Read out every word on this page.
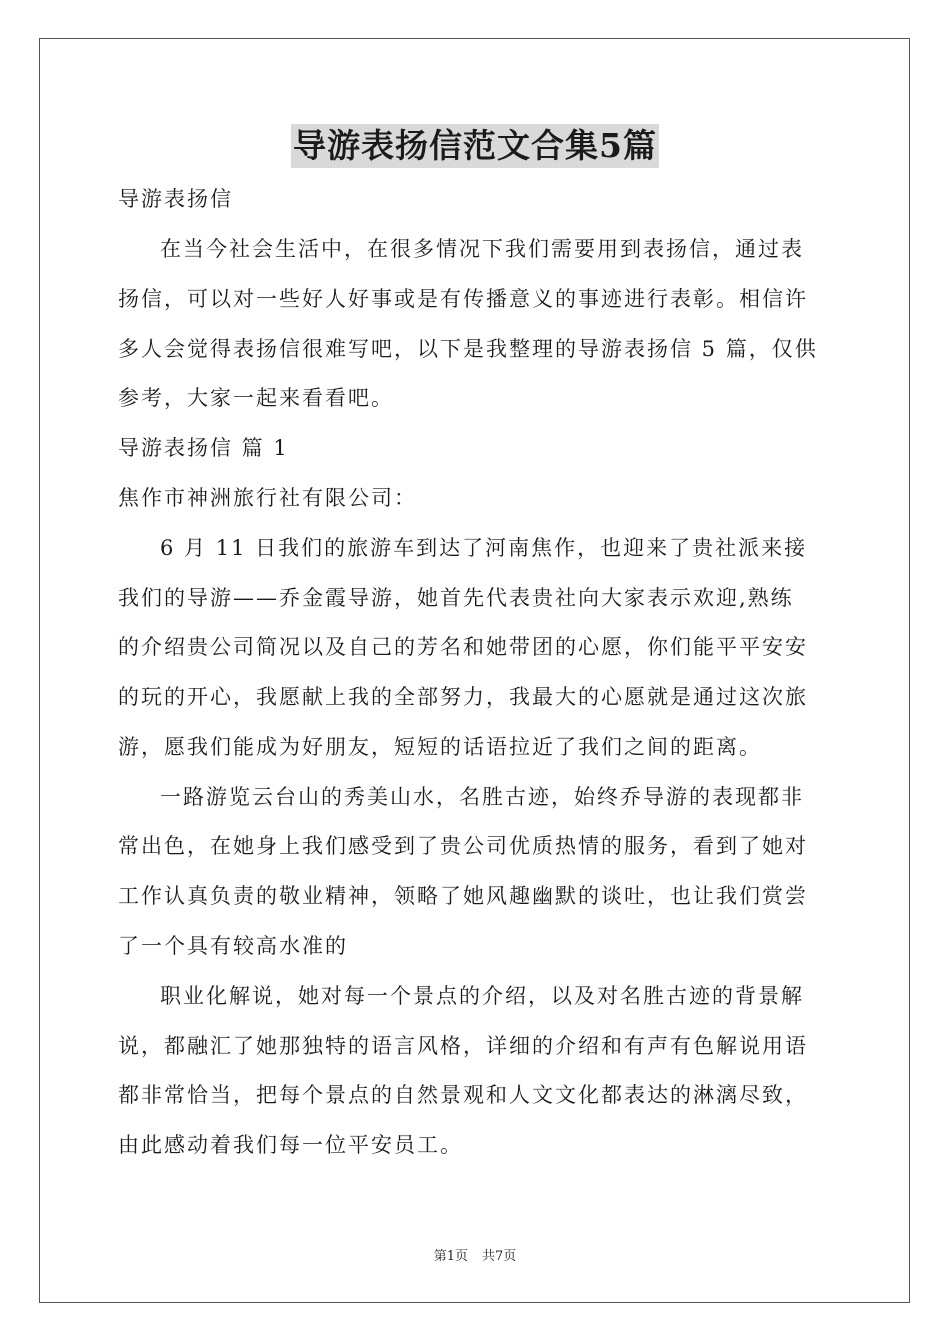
导游表扬信范文合集5篇
导游表扬信
在当今社会生活中，在很多情况下我们需要用到表扬信，通过表
扬信，可以对一些好人好事或是有传播意义的事迹进行表彰。相信许
多人会觉得表扬信很难写吧，以下是我整理的导游表扬信 5 篇，仅供
参考，大家一起来看看吧。
导游表扬信 篇 1
焦作市神洲旅行社有限公司：
6 月 11 日我们的旅游车到达了河南焦作，也迎来了贵社派来接
我们的导游——乔金霞导游，她首先代表贵社向大家表示欢迎,熟练
的介绍贵公司简况以及自己的芳名和她带团的心愿，你们能平平安安
的玩的开心，我愿献上我的全部努力，我最大的心愿就是通过这次旅
游，愿我们能成为好朋友，短短的话语拉近了我们之间的距离。
一路游览云台山的秀美山水，名胜古迹，始终乔导游的表现都非
常出色，在她身上我们感受到了贵公司优质热情的服务，看到了她对
工作认真负责的敬业精神，领略了她风趣幽默的谈吐，也让我们赏尝
了一个具有较高水准的
职业化解说，她对每一个景点的介绍，以及对名胜古迹的背景解
说，都融汇了她那独特的语言风格，详细的介绍和有声有色解说用语
都非常恰当，把每个景点的自然景观和人文文化都表达的淋漓尽致，
由此感动着我们每一位平安员工。
第1页 共7页
